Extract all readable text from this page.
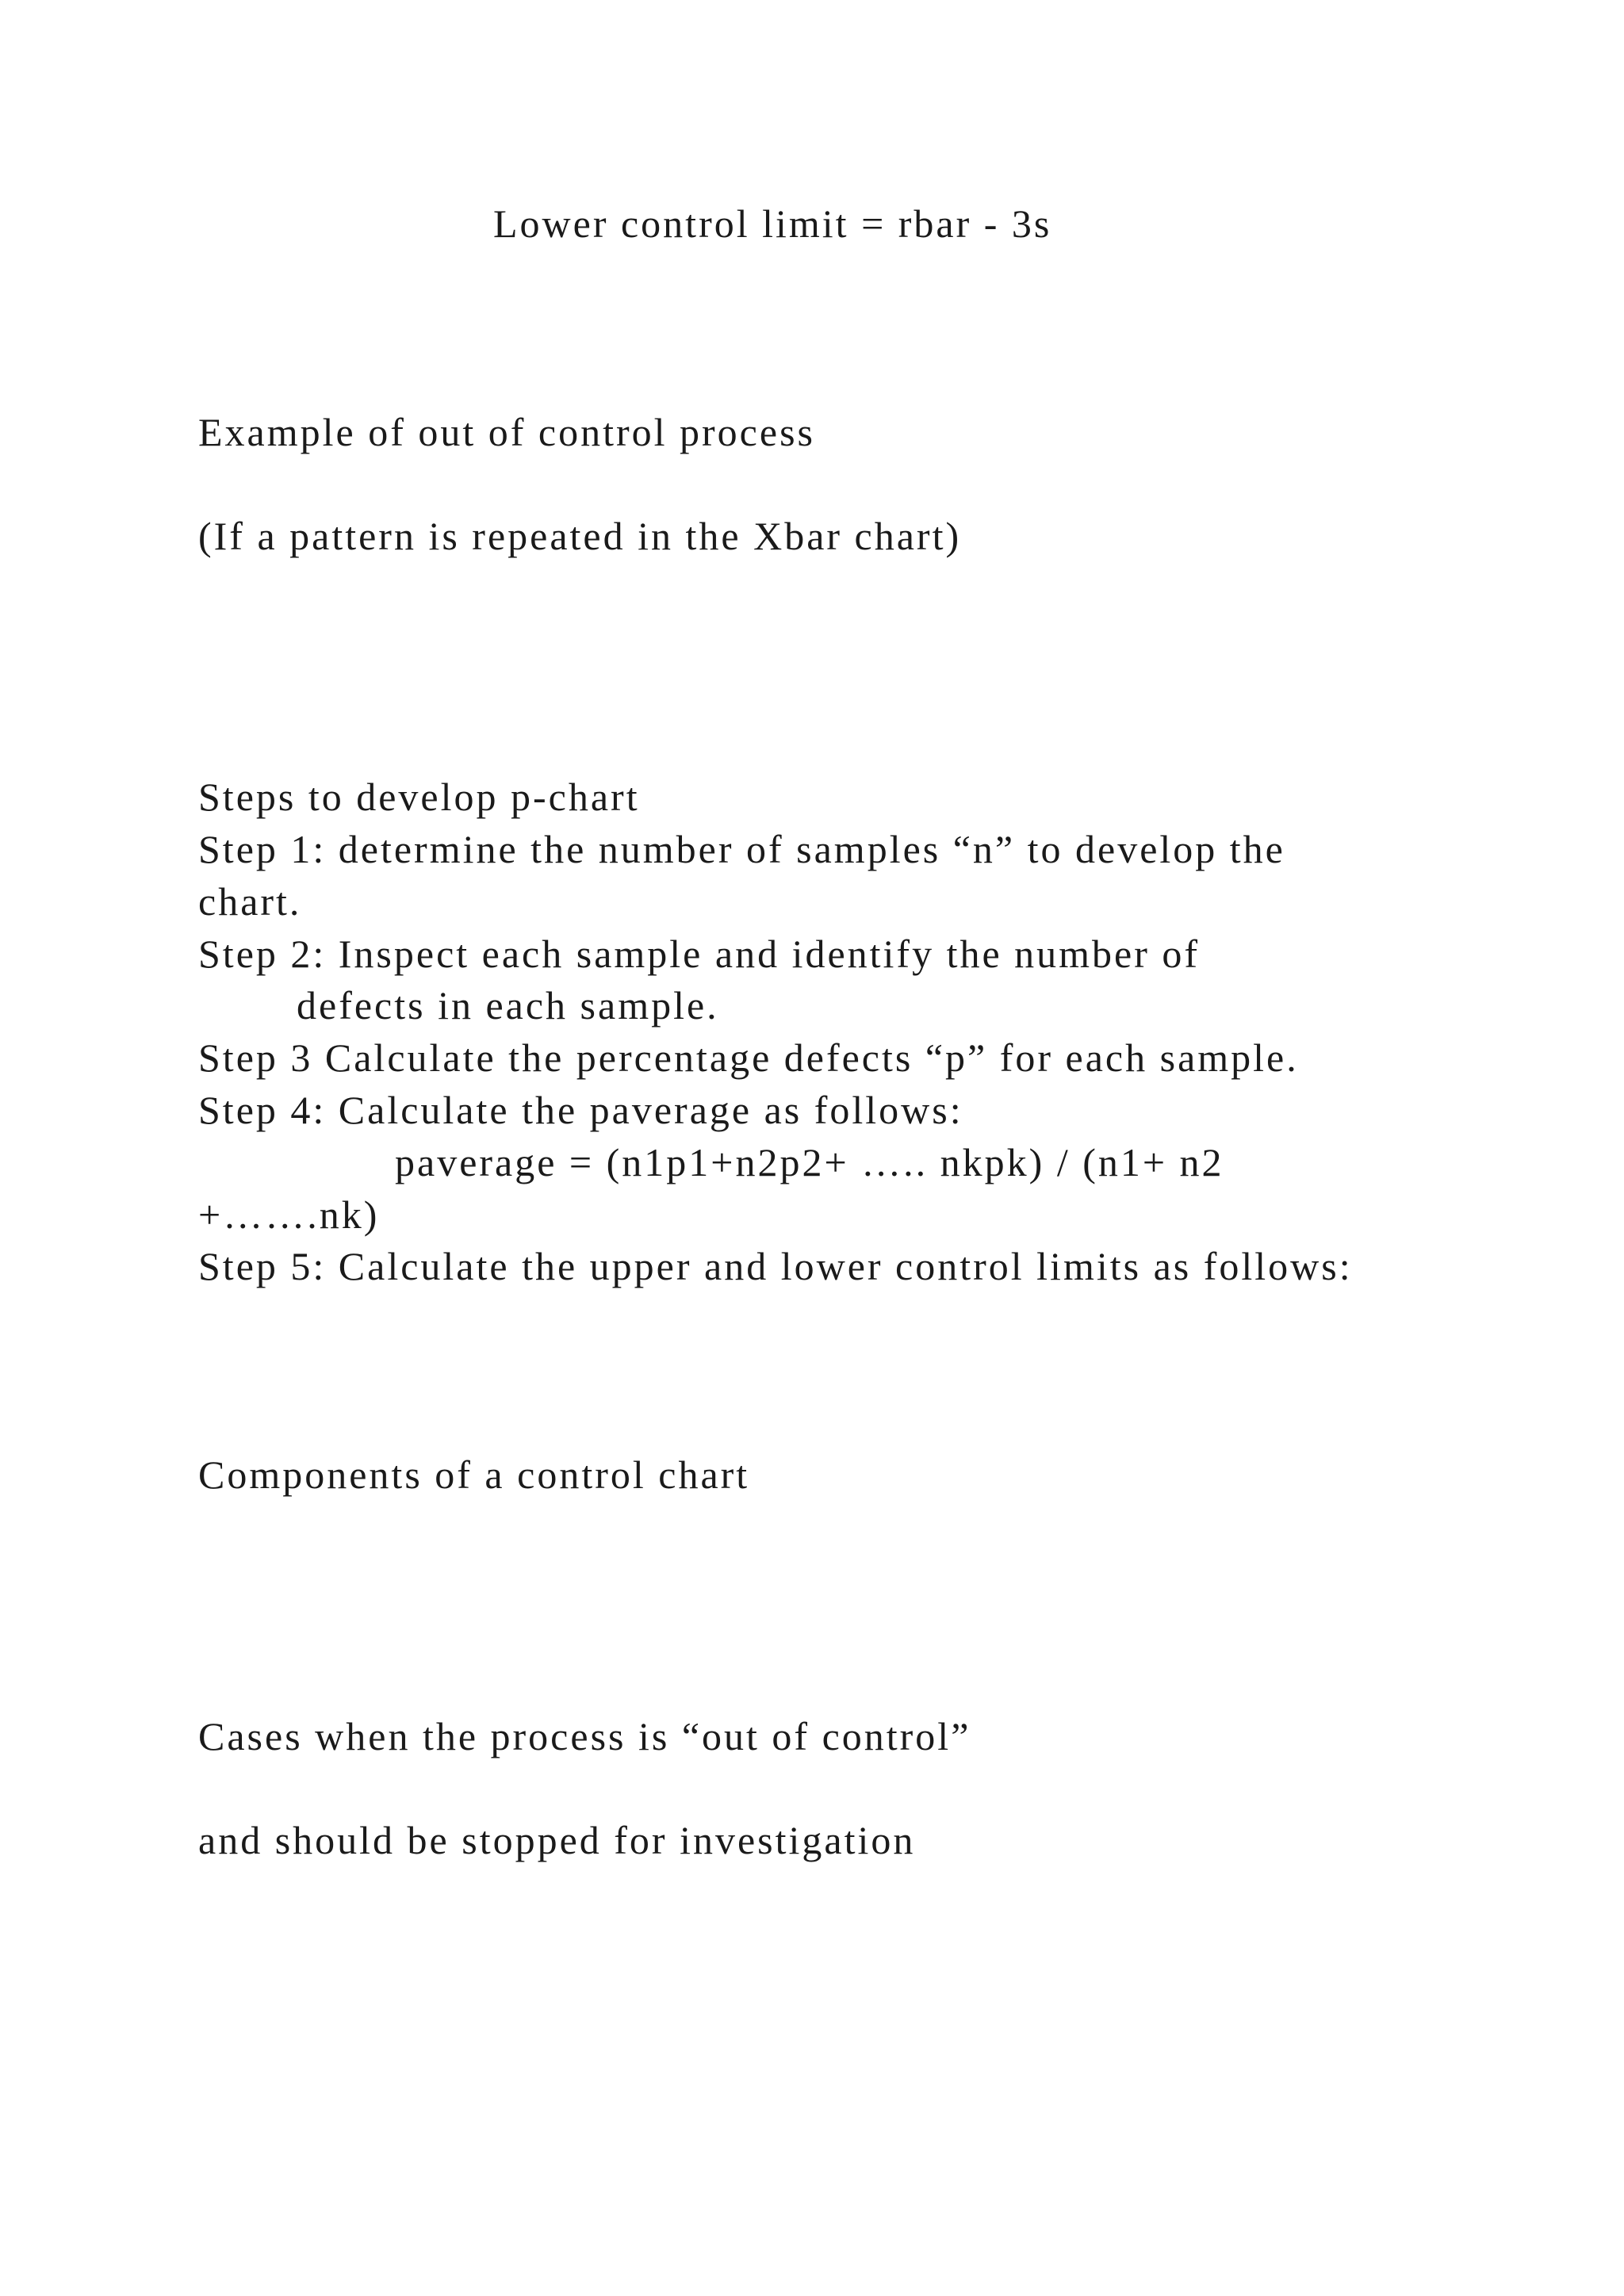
Lower control limit = rbar - 3s
Example of out of control process
(If a pattern is repeated in the Xbar chart)
Steps to develop p-chart
Step 1: determine the number of samples “n” to develop the
chart.
Step 2: Inspect each sample and identify the number of
defects in each sample.
Step 3 Calculate the percentage defects “p” for each sample.
Step 4: Calculate the paverage as follows:
paverage = (n1p1+n2p2+ ….. nkpk) / (n1+ n2
+…….nk)
Step 5: Calculate the upper and lower control limits as follows:
Components of a control chart
Cases when the process is “out of control”
and should be stopped for investigation
